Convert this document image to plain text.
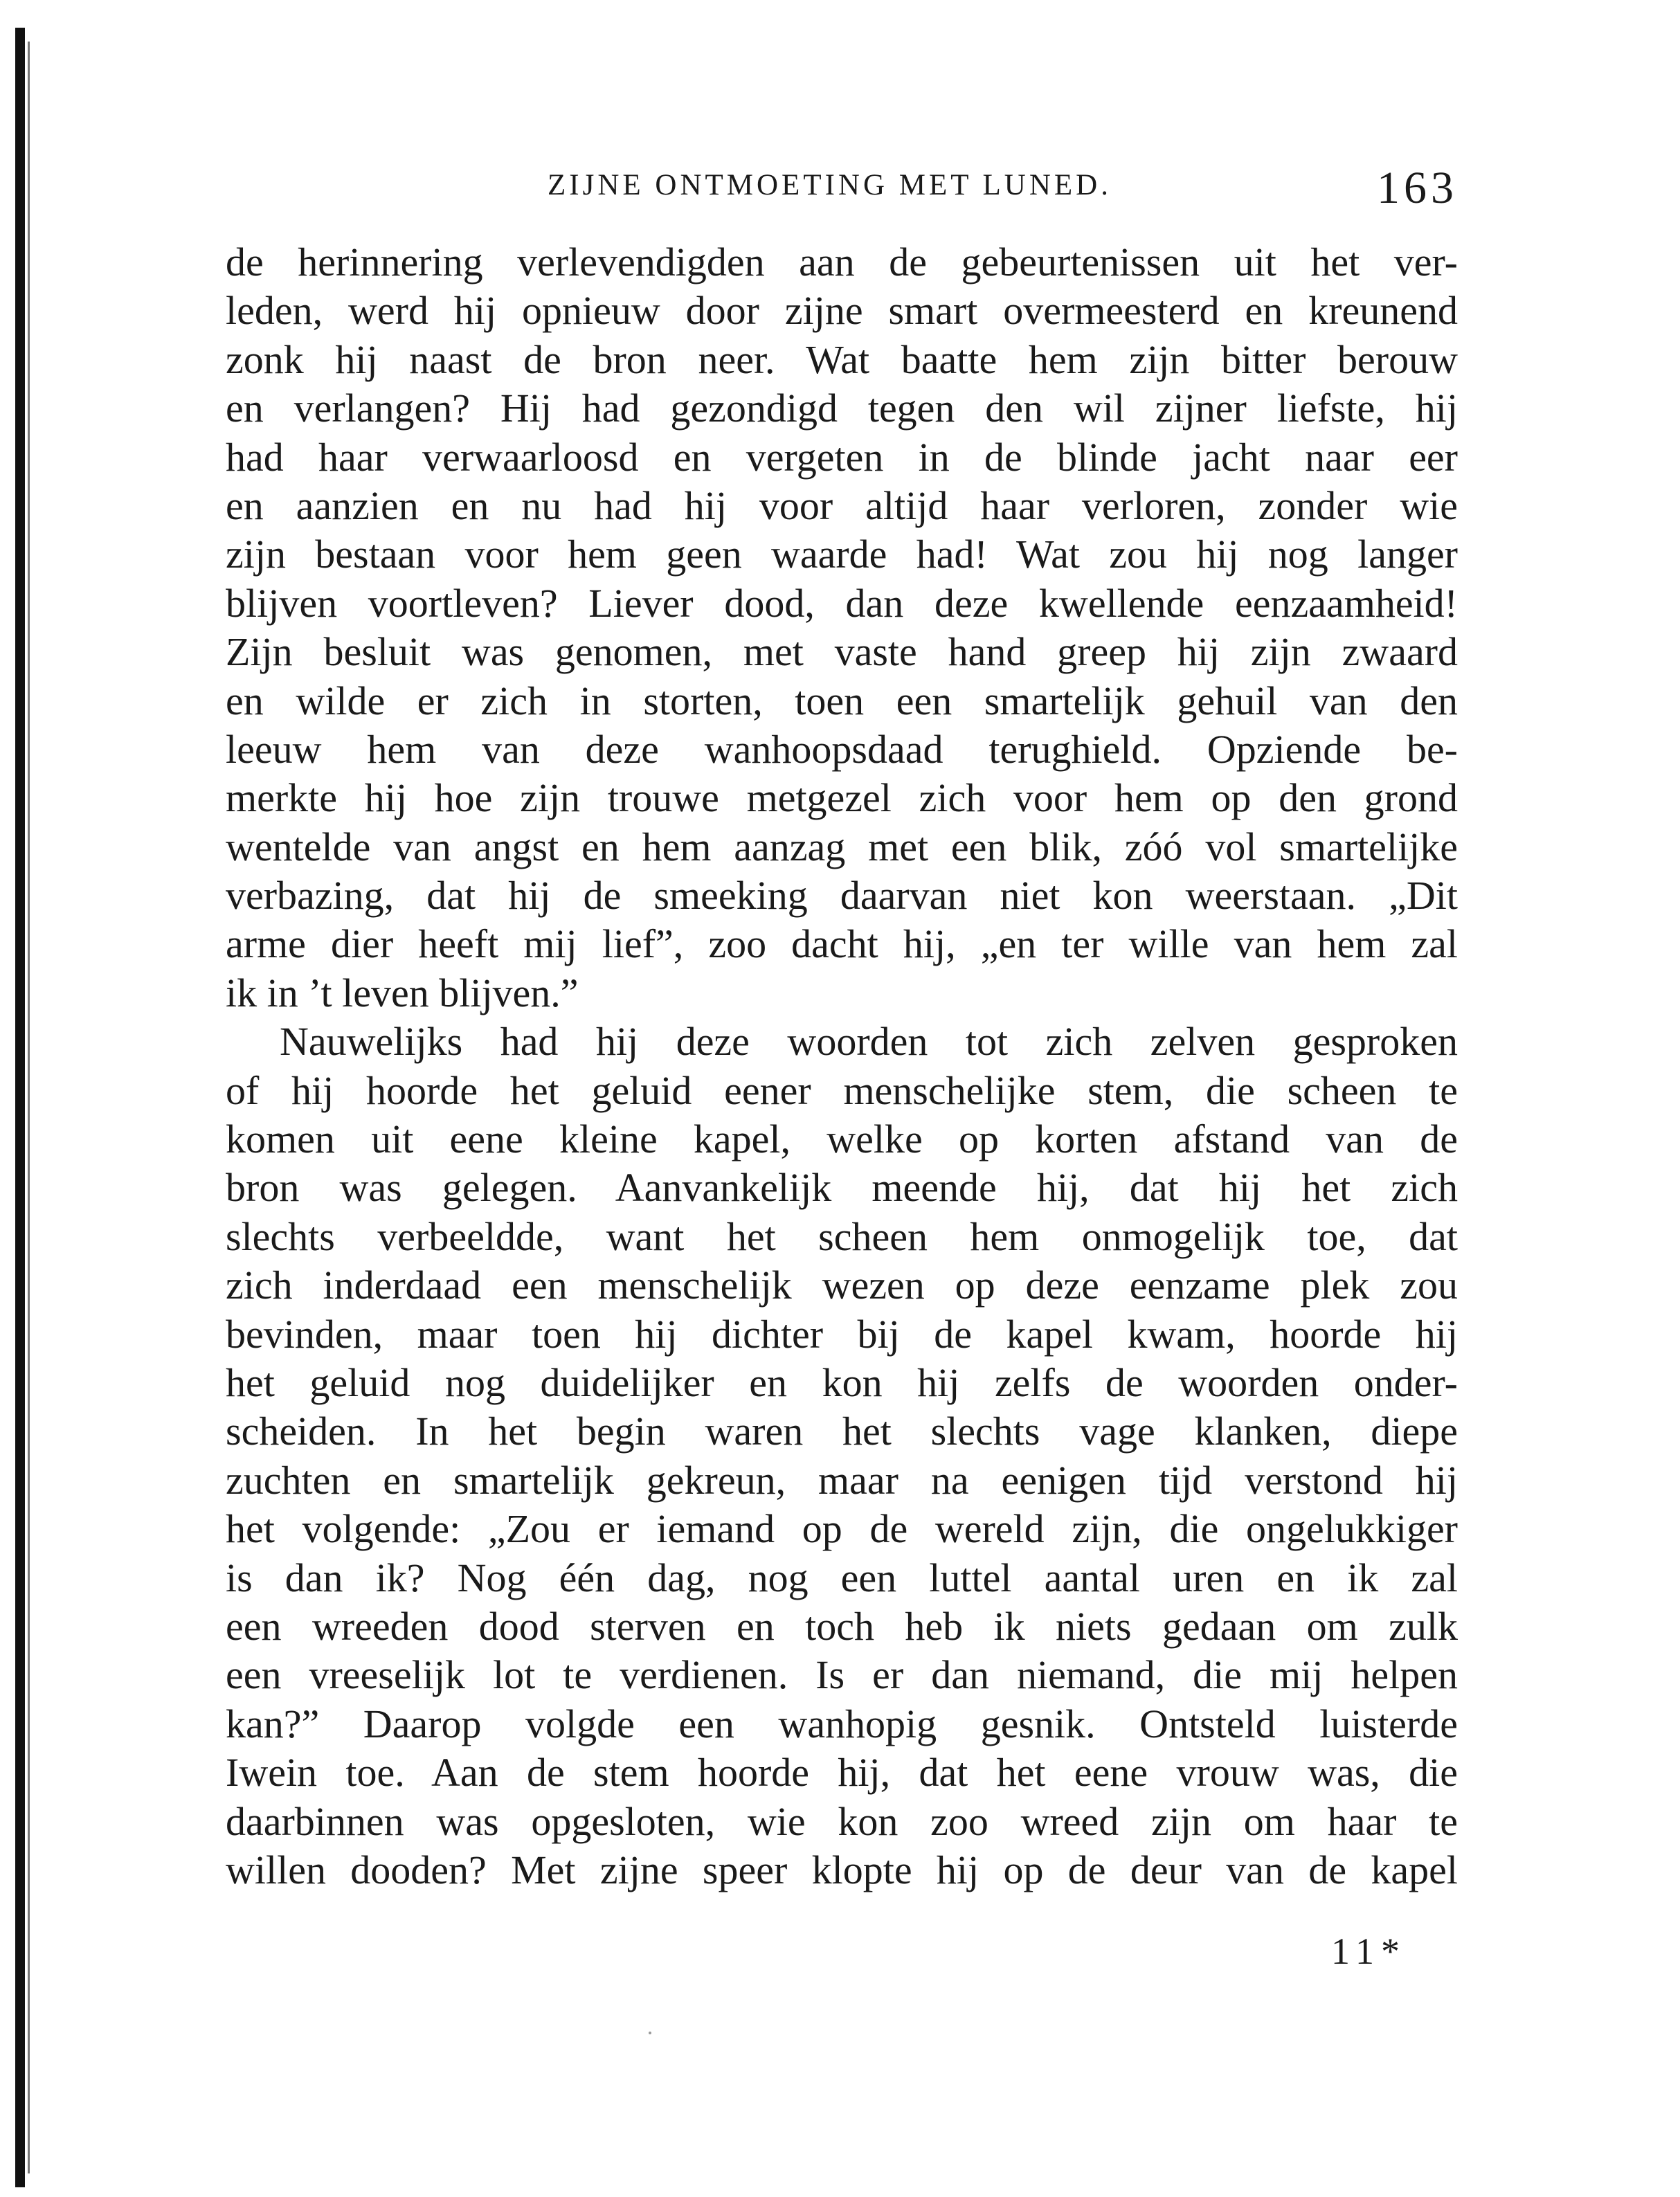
ZIJNE ONTMOETING MET LUNED.	163
de herinnering verlevendigden aan de gebeurtenissen uit het ver-
leden, werd hij opnieuw door zijne smart overmeesterd en kreunend
zonk hij naast de bron neer. Wat baatte hem zijn bitter berouw
en verlangen? Hij had gezondigd tegen den wil zijner liefste, hij
had haar verwaarloosd en vergeten in de blinde jacht naar eer
en aanzien en nu had hij voor altijd haar verloren, zonder wie
zijn bestaan voor hem geen waarde had! Wat zou hij nog langer
blijven voortleven? Liever dood, dan deze kwellende eenzaamheid!
Zijn besluit was genomen, met vaste hand greep hij zijn zwaard
en wilde er zich in storten, toen een smartelijk gehuil van den
leeuw hem van deze wanhoopsdaad terughield. Opziende be-
merkte hij hoe zijn trouwe metgezel zich voor hem op den grond
wentelde van angst en hem aanzag met een blik, zóó vol smartelijke
verbazing, dat hij de smeeking daarvan niet kon weerstaan. „Dit
arme dier heeft mij lief”, zoo dacht hij, „en ter wille van hem zal
ik in ’t leven blijven.”
Nauwelijks had hij deze woorden tot zich zelven gesproken
of hij hoorde het geluid eener menschelijke stem, die scheen te
komen uit eene kleine kapel, welke op korten afstand van de
bron was gelegen. Aanvankelijk meende hij, dat hij het zich
slechts verbeeldde, want het scheen hem onmogelijk toe, dat
zich inderdaad een menschelijk wezen op deze eenzame plek zou
bevinden, maar toen hij dichter bij de kapel kwam, hoorde hij
het geluid nog duidelijker en kon hij zelfs de woorden onder-
scheiden. In het begin waren het slechts vage klanken, diepe
zuchten en smartelijk gekreun, maar na eenigen tijd verstond hij
het volgende: „Zou er iemand op de wereld zijn, die ongelukkiger
is dan ik? Nog één dag, nog een luttel aantal uren en ik zal
een wreeden dood sterven en toch heb ik niets gedaan om zulk
een vreeselijk lot te verdienen. Is er dan niemand, die mij helpen
kan?” Daarop volgde een wanhopig gesnik. Ontsteld luisterde
Iwein toe. Aan de stem hoorde hij, dat het eene vrouw was, die
daarbinnen was opgesloten, wie kon zoo wreed zijn om haar te
willen dooden? Met zijne speer klopte hij op de deur van de kapel
11*
